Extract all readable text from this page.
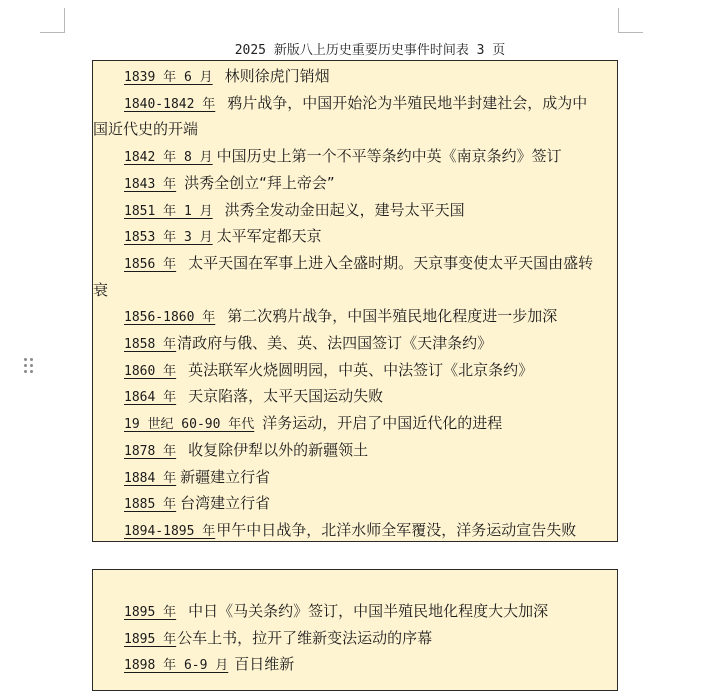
2025 新版八上历史重要历史事件时间表 3 页
1839 年 6 月 林则徐虎门销烟
1840-1842 年 鸦片战争，中国开始沦为半殖民地半封建社会，成为中
国近代史的开端
1842 年 8 月 中国历史上第一个不平等条约中英《南京条约》签订
1843 年 洪秀全创立“拜上帝会”
1851 年 1 月 洪秀全发动金田起义，建号太平天国
1853 年 3 月 太平军定都天京
1856 年 太平天国在军事上进入全盛时期。天京事变使太平天国由盛转
衰
1856-1860 年 第二次鸦片战争，中国半殖民地化程度进一步加深
1858 年清政府与俄、美、英、法四国签订《天津条约》
1860 年 英法联军火烧圆明园，中英、中法签订《北京条约》
1864 年 天京陷落，太平天国运动失败
19 世纪 60-90 年代 洋务运动，开启了中国近代化的进程
1878 年 收复除伊犁以外的新疆领土
1884 年 新疆建立行省
1885 年 台湾建立行省
1894-1895 年甲午中日战争，北洋水师全军覆没，洋务运动宣告失败
1895 年 中日《马关条约》签订，中国半殖民地化程度大大加深
1895 年公车上书，拉开了维新变法运动的序幕
1898 年 6-9 月 百日维新
